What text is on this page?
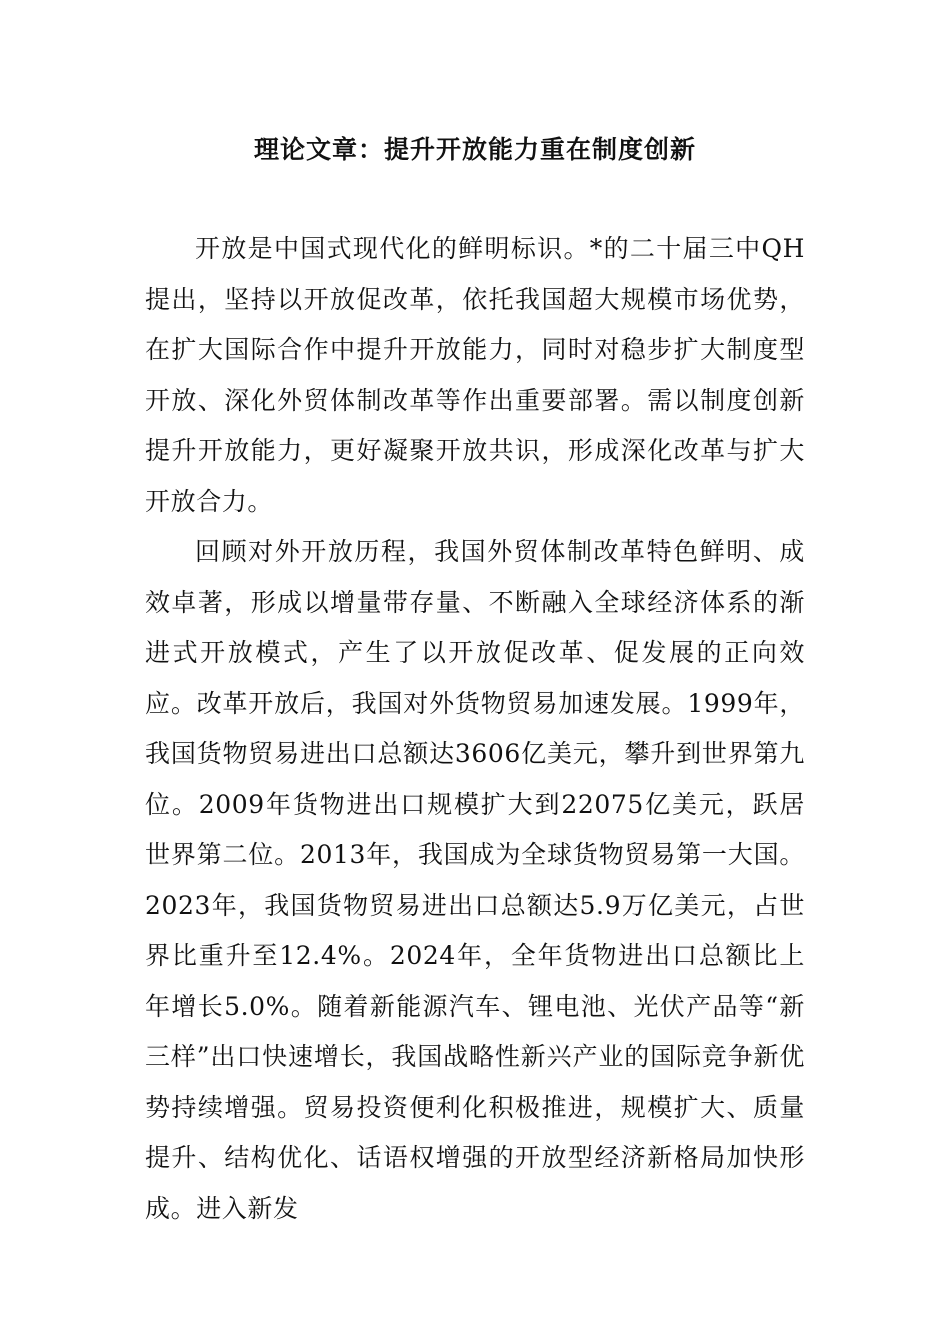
理论文章：提升开放能力重在制度创新

开放是中国式现代化的鲜明标识。*的二十届三中QH提出，坚持以开放促改革，依托我国超大规模市场优势，在扩大国际合作中提升开放能力，同时对稳步扩大制度型开放、深化外贸体制改革等作出重要部署。需以制度创新提升开放能力，更好凝聚开放共识，形成深化改革与扩大开放合力。

回顾对外开放历程，我国外贸体制改革特色鲜明、成效卓著，形成以增量带存量、不断融入全球经济体系的渐进式开放模式，产生了以开放促改革、促发展的正向效应。改革开放后，我国对外货物贸易加速发展。1999年，我国货物贸易进出口总额达3606亿美元，攀升到世界第九位。2009年货物进出口规模扩大到22075亿美元，跃居世界第二位。2013年，我国成为全球货物贸易第一大国。2023年，我国货物贸易进出口总额达5.9万亿美元，占世界比重升至12.4%。2024年，全年货物进出口总额比上年增长5.0%。随着新能源汽车、锂电池、光伏产品等“新三样”出口快速增长，我国战略性新兴产业的国际竞争新优势持续增强。贸易投资便利化积极推进，规模扩大、质量提升、结构优化、话语权增强的开放型经济新格局加快形成。进入新发
